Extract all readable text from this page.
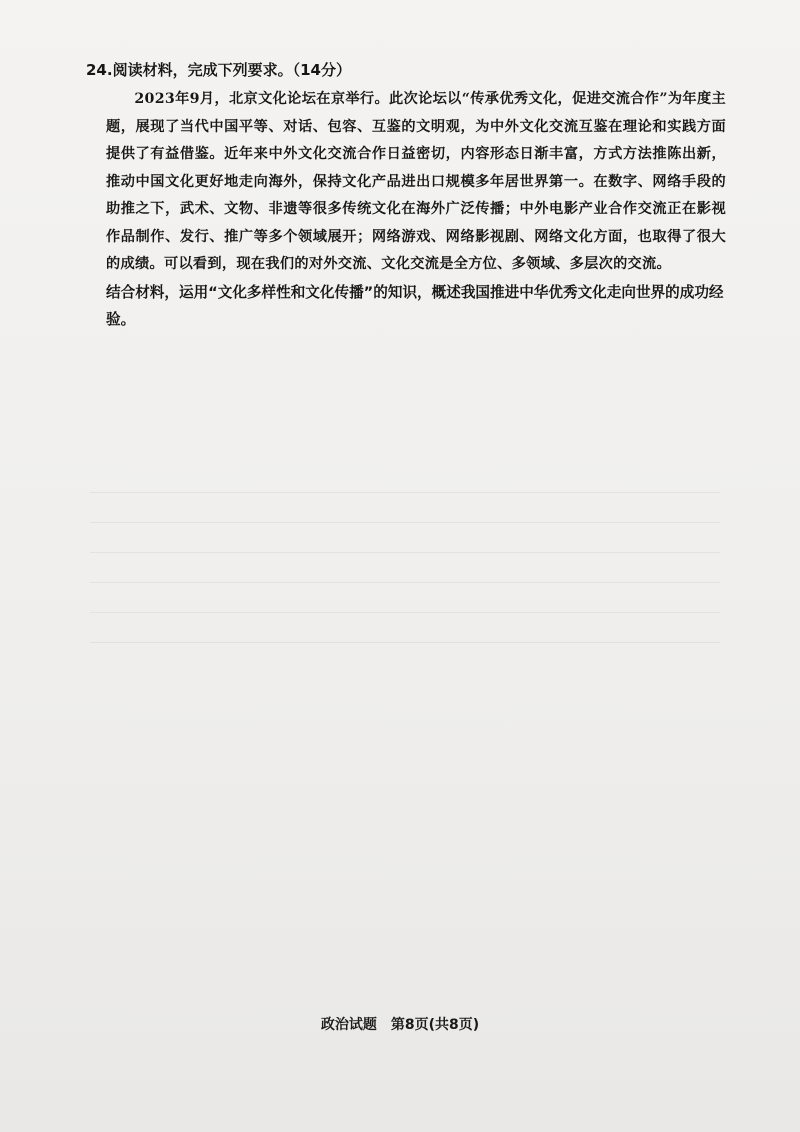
24.阅读材料，完成下列要求。（14分）

2023年9月，北京文化论坛在京举行。此次论坛以“传承优秀文化，促进交流合作”为年度主题，展现了当代中国平等、对话、包容、互鉴的文明观，为中外文化交流互鉴在理论和实践方面提供了有益借鉴。近年来中外文化交流合作日益密切，内容形态日渐丰富，方式方法推陈出新，推动中国文化更好地走向海外，保持文化产品进出口规模多年居世界第一。在数字、网络手段的助推之下，武术、文物、非遗等很多传统文化在海外广泛传播；中外电影产业合作交流正在影视作品制作、发行、推广等多个领域展开；网络游戏、网络影视剧、网络文化方面，也取得了很大的成绩。可以看到，现在我们的对外交流、文化交流是全方位、多领域、多层次的交流。

结合材料，运用“文化多样性和文化传播”的知识，概述我国推进中华优秀文化走向世界的成功经验。

政治试题　第8页(共8页)
